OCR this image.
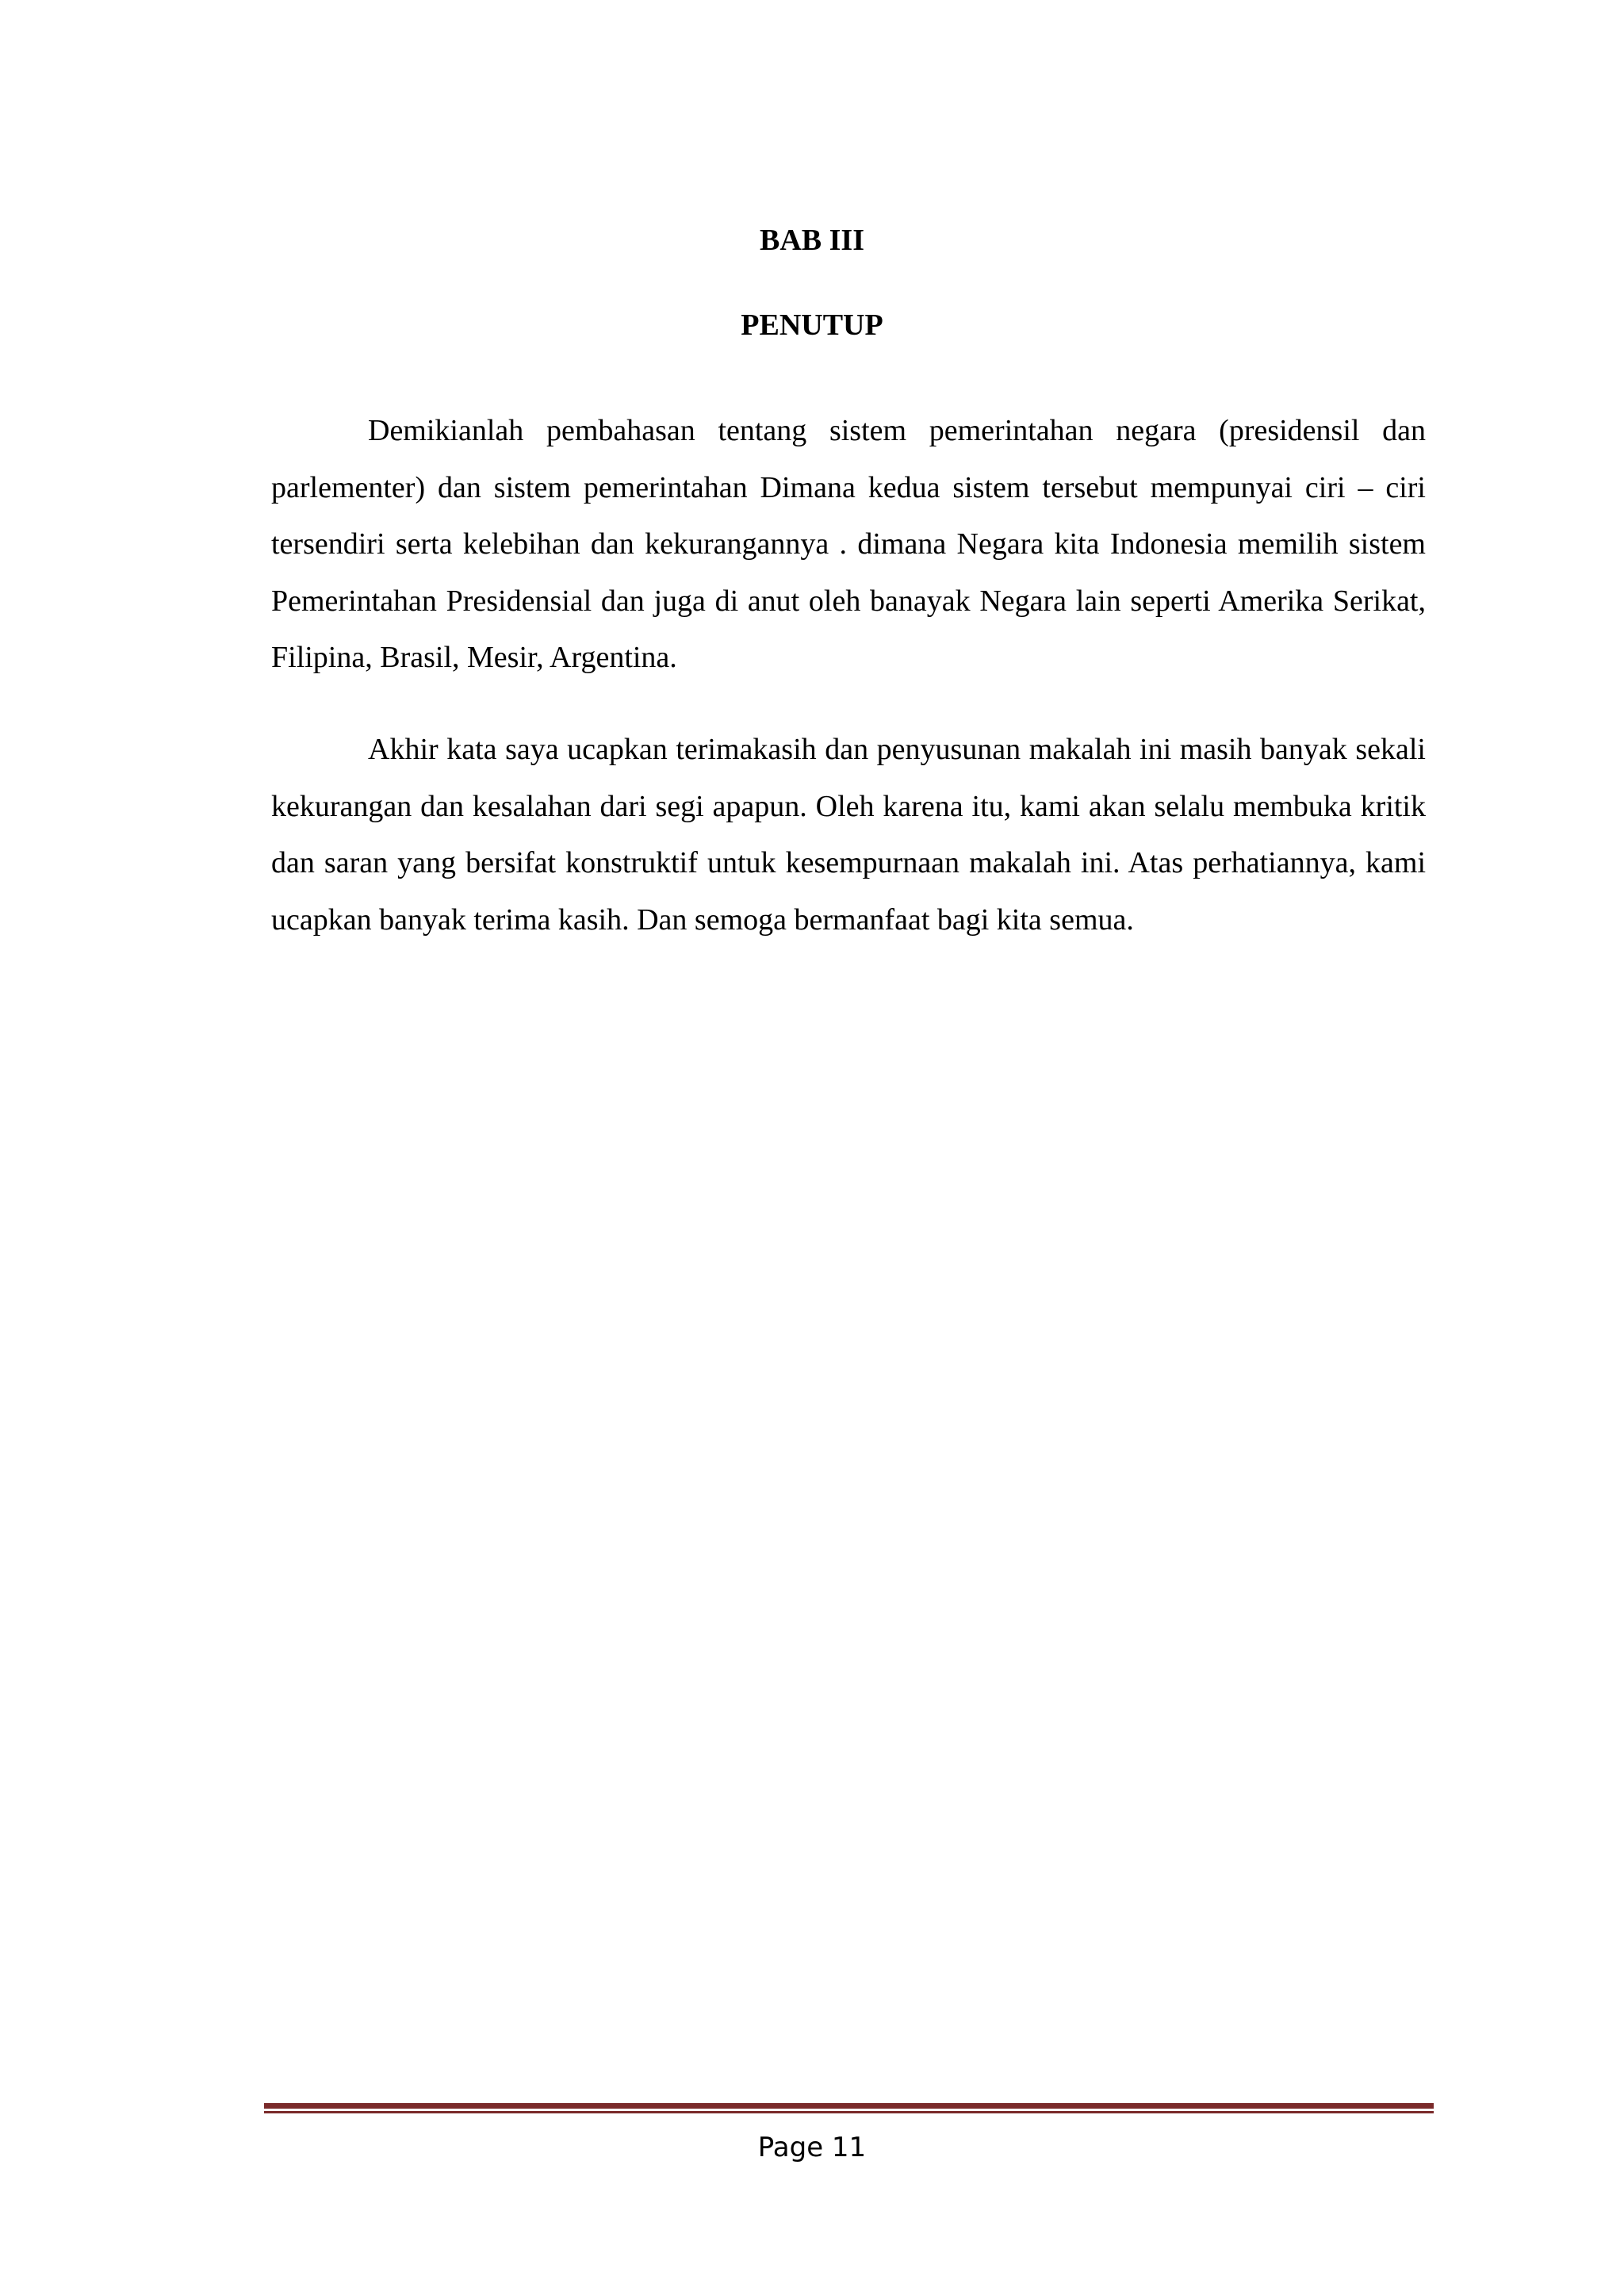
BAB III
PENUTUP

Demikianlah pembahasan tentang sistem pemerintahan negara (presidensil dan parlementer) dan sistem pemerintahan Dimana kedua sistem tersebut mempunyai ciri – ciri tersendiri serta kelebihan dan kekurangannya . dimana Negara kita Indonesia memilih sistem Pemerintahan Presidensial dan juga di anut oleh banayak Negara lain seperti Amerika Serikat, Filipina, Brasil, Mesir, Argentina.

Akhir kata saya ucapkan terimakasih dan penyusunan makalah ini masih banyak sekali kekurangan dan kesalahan dari segi apapun. Oleh karena itu, kami akan selalu membuka kritik dan saran yang bersifat konstruktif untuk kesempurnaan makalah ini. Atas perhatiannya, kami ucapkan banyak terima kasih. Dan semoga bermanfaat bagi kita semua.

Page 11
